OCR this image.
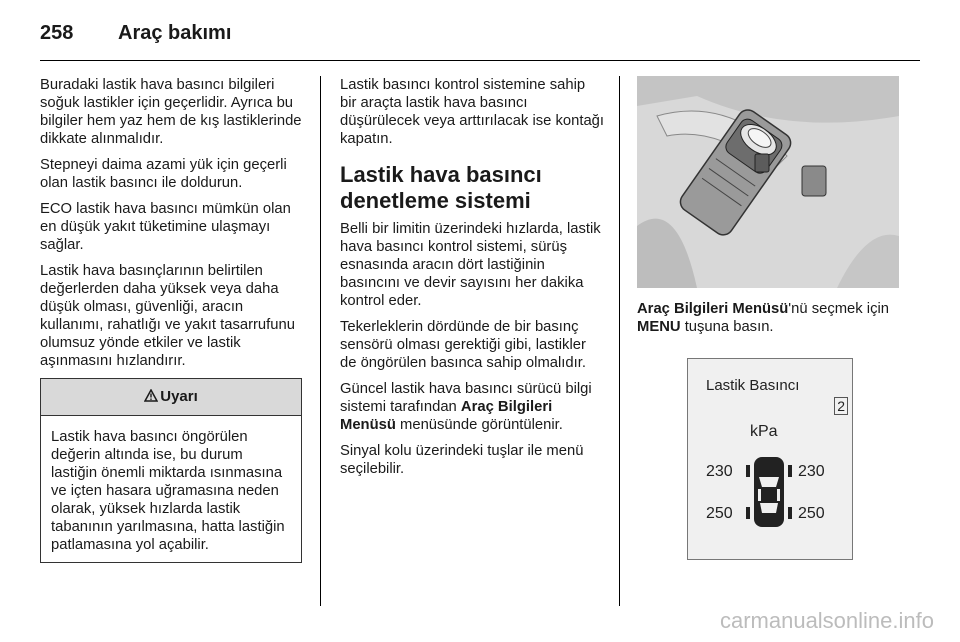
258 Araç bakımı

Buradaki lastik hava basıncı bilgileri soğuk lastikler için geçerlidir. Ayrıca bu bilgiler hem yaz hem de kış lastiklerinde dikkate alınmalıdır.

Stepneyi daima azami yük için geçerli olan lastik basıncı ile doldurun.

ECO lastik hava basıncı mümkün olan en düşük yakıt tüketimine ulaşmayı sağlar.

Lastik hava basınçlarının belirtilen değerlerden daha yüksek veya daha düşük olması, güvenliği, aracın kullanımı, rahatlığı ve yakıt tasarrufunu olumsuz yönde etkiler ve lastik aşınmasını hızlandırır.

Uyarı
Lastik hava basıncı öngörülen değerin altında ise, bu durum lastiğin önemli miktarda ısınmasına ve içten hasara uğramasına neden olarak, yüksek hızlarda lastik tabanının yarılmasına, hatta lastiğin patlamasına yol açabilir.

Lastik basıncı kontrol sistemine sahip bir araçta lastik hava basıncı düşürülecek veya arttırılacak ise kontağı kapatın.

Lastik hava basıncı denetleme sistemi

Belli bir limitin üzerindeki hızlarda, lastik hava basıncı kontrol sistemi, sürüş esnasında aracın dört lastiğinin basıncını ve devir sayısını her dakika kontrol eder.

Tekerleklerin dördünde de bir basınç sensörü olması gerektiği gibi, lastikler de öngörülen basınca sahip olmalıdır.

Güncel lastik hava basıncı sürücü bilgi sistemi tarafından Araç Bilgileri Menüsü menüsünde görüntülenir.

Sinyal kolu üzerindeki tuşlar ile menü seçilebilir.

Araç Bilgileri Menüsü'nü seçmek için MENU tuşuna basın.

Lastik Basıncı
2
kPa
230	230
250	250
carmanualsonline.info
